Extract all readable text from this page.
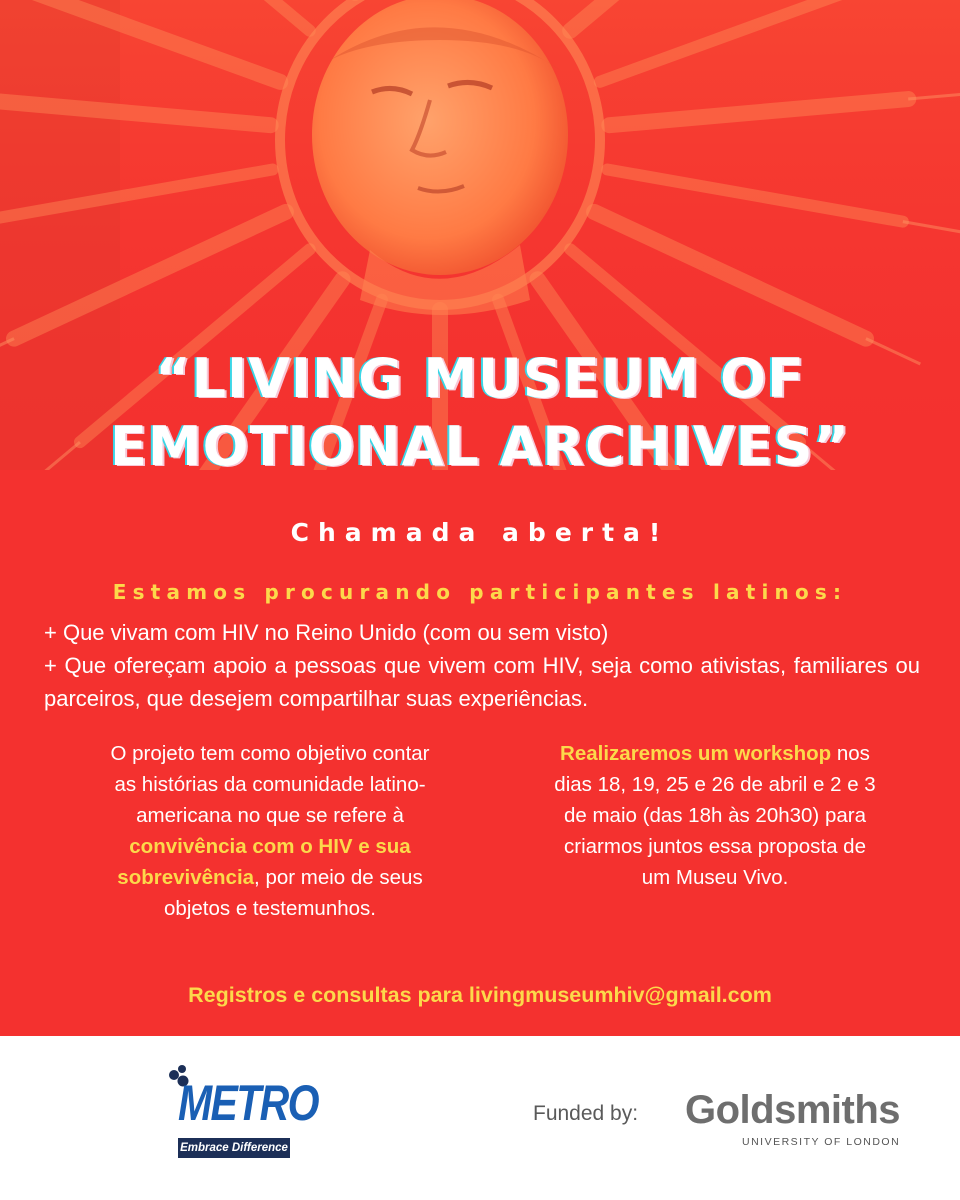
“LIVING MUSEUM OF
EMOTIONAL ARCHIVES”
Chamada aberta!
Estamos procurando participantes latinos:
+ Que vivam com HIV no Reino Unido (com ou sem visto)
+ Que ofereçam apoio a pessoas que vivem com HIV, seja como ativistas, familiares ou parceiros, que desejem compartilhar suas experiências.
O projeto tem como objetivo contar as histórias da comunidade latino-americana no que se refere à convivência com o HIV e sua sobrevivência, por meio de seus objetos e testemunhos.
Realizaremos um workshop nos dias 18, 19, 25 e 26 de abril e 2 e 3 de maio (das 18h às 20h30) para criarmos juntos essa proposta de um Museu Vivo.
Registros e consultas para livingmuseumhiv@gmail.com
METRO
Embrace Difference
Funded by: Goldsmiths
UNIVERSITY OF LONDON
